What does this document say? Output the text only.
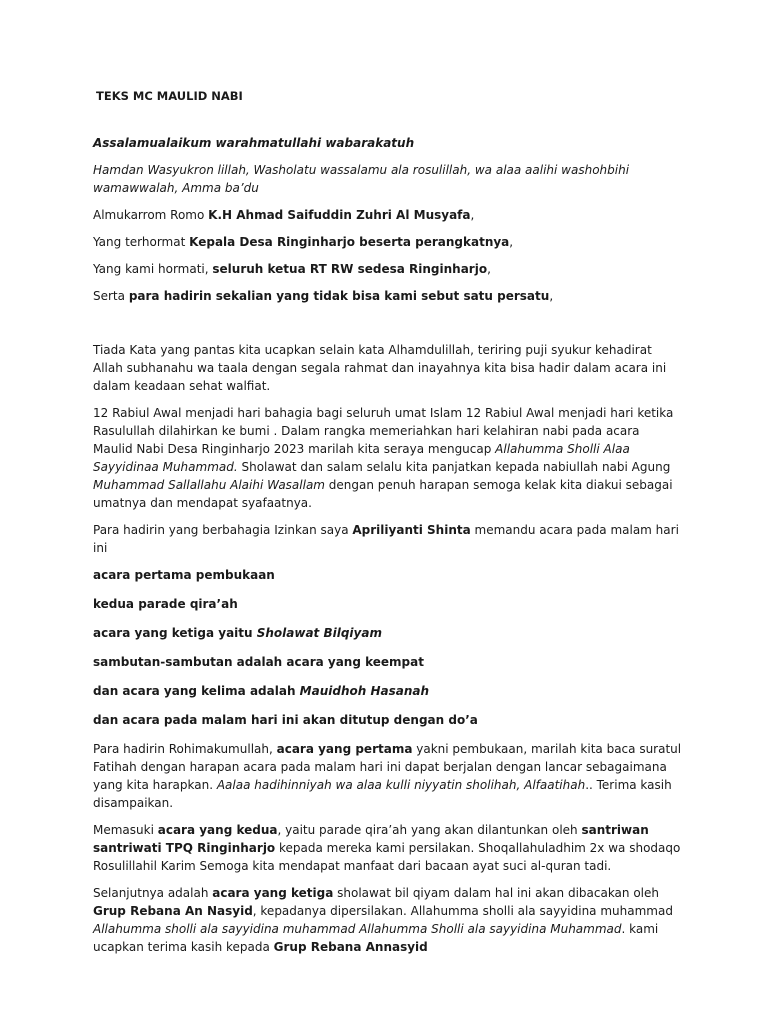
TEKS MC MAULID NABI

Assalamualaikum warahmatullahi wabarakatuh

Hamdan Wasyukron lillah, Washolatu wassalamu ala rosulillah, wa alaa aalihi washohbihi wamawwalah, Amma ba’du

Almukarrom Romo K.H Ahmad Saifuddin Zuhri Al Musyafa,

Yang terhormat Kepala Desa Ringinharjo beserta perangkatnya,

Yang kami hormati, seluruh ketua RT RW sedesa Ringinharjo,

Serta para hadirin sekalian yang tidak bisa kami sebut satu persatu,

Tiada Kata yang pantas kita ucapkan selain kata Alhamdulillah, teriring puji syukur kehadirat Allah subhanahu wa taala dengan segala rahmat dan inayahnya kita bisa hadir dalam acara ini dalam keadaan sehat walfiat.

12 Rabiul Awal menjadi hari bahagia bagi seluruh umat Islam 12 Rabiul Awal menjadi hari ketika Rasulullah dilahirkan ke bumi . Dalam rangka memeriahkan hari kelahiran nabi pada acara Maulid Nabi Desa Ringinharjo 2023 marilah kita seraya mengucap Allahumma Sholli Alaa Sayyidinaa Muhammad. Sholawat dan salam selalu kita panjatkan kepada nabiullah nabi Agung Muhammad Sallallahu Alaihi Wasallam dengan penuh harapan semoga kelak kita diakui sebagai umatnya dan mendapat syafaatnya.

Para hadirin yang berbahagia Izinkan saya Apriliyanti Shinta memandu acara pada malam hari ini

acara pertama pembukaan
kedua parade qira’ah
acara yang ketiga yaitu Sholawat Bilqiyam
sambutan-sambutan adalah acara yang keempat
dan acara yang kelima adalah Mauidhoh Hasanah
dan acara pada malam hari ini akan ditutup dengan do’a

Para hadirin Rohimakumullah, acara yang pertama yakni pembukaan, marilah kita baca suratul Fatihah dengan harapan acara pada malam hari ini dapat berjalan dengan lancar sebagaimana yang kita harapkan. Aalaa hadihinniyah wa alaa kulli niyyatin sholihah, Alfaatihah.. Terima kasih disampaikan.

Memasuki acara yang kedua, yaitu parade qira’ah yang akan dilantunkan oleh santriwan santriwati TPQ Ringinharjo kepada mereka kami persilakan. Shoqallahuladhim 2x wa shodaqo Rosulillahil Karim Semoga kita mendapat manfaat dari bacaan ayat suci al-quran tadi.

Selanjutnya adalah acara yang ketiga sholawat bil qiyam dalam hal ini akan dibacakan oleh Grup Rebana An Nasyid, kepadanya dipersilakan. Allahumma sholli ala sayyidina muhammad Allahumma sholli ala sayyidina muhammad Allahumma Sholli ala sayyidina Muhammad. kami ucapkan terima kasih kepada Grup Rebana Annasyid
